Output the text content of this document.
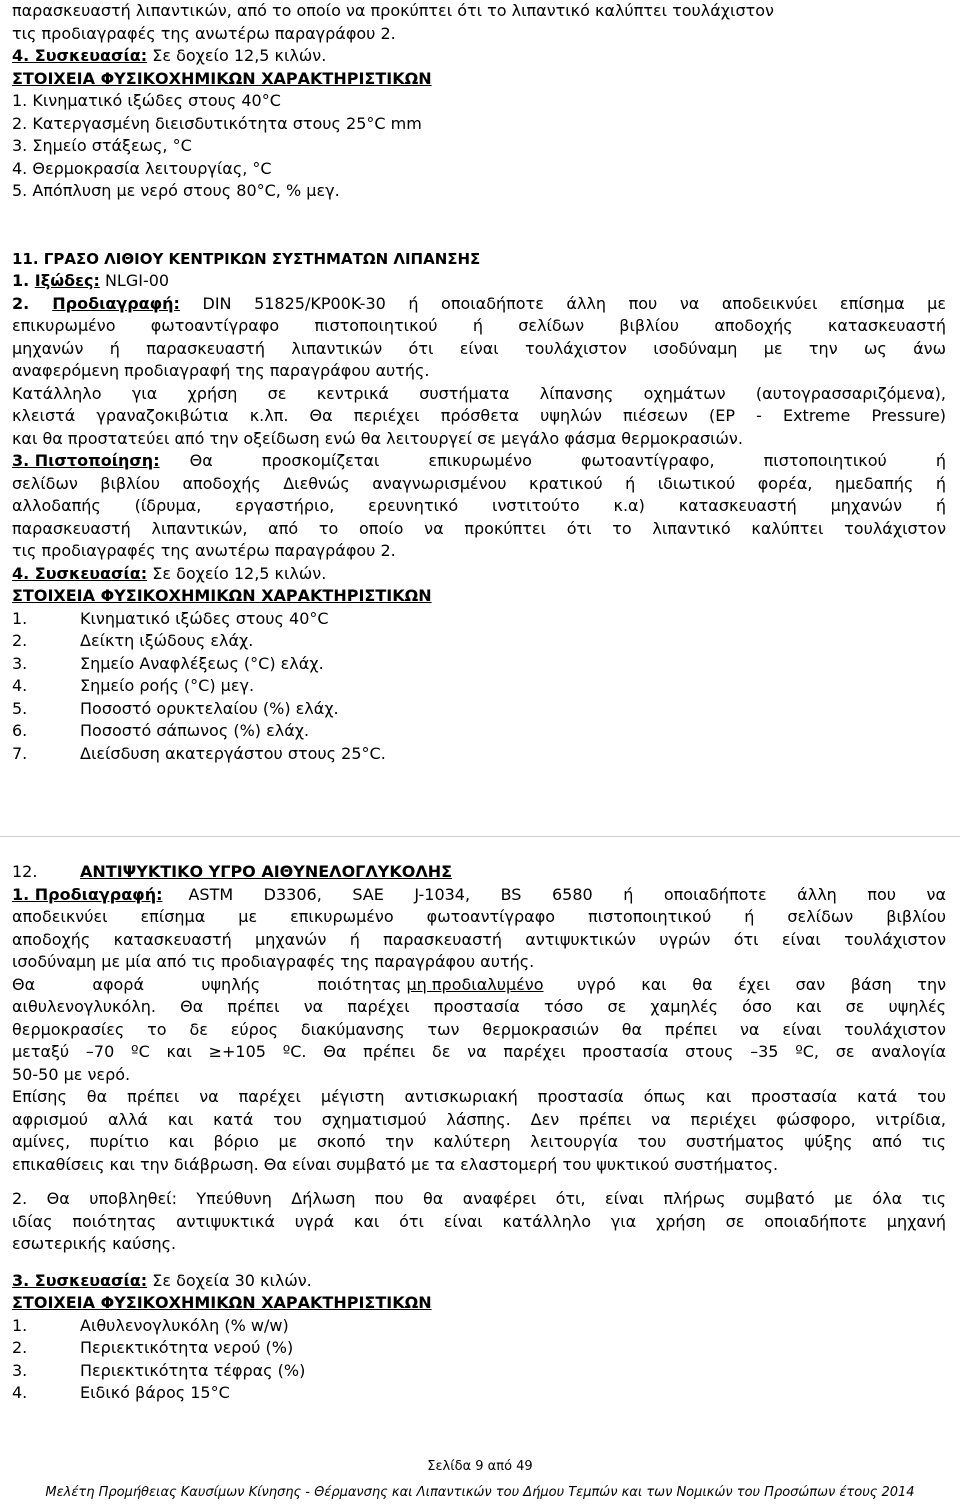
παρασκευαστή λιπαντικών, από το οποίο να προκύπτει ότι το λιπαντικό καλύπτει τουλάχιστον
τις προδιαγραφές της ανωτέρω παραγράφου 2.
4. Συσκευασία: Σε δοχείο 12,5 κιλών.
ΣΤΟΙΧΕΙΑ ΦΥΣΙΚΟΧΗΜΙΚΩΝ ΧΑΡΑΚΤΗΡΙΣΤΙΚΩΝ
1. Κινηματικό ιξώδες στους 40°C
2. Κατεργασμένη διεισδυτικότητα στους 25°C mm
3. Σημείο στάξεως, °C
4. Θερμοκρασία λειτουργίας, °C
5. Απόπλυση με νερό στους 80°C, % μεγ.
11. ΓΡΑΣΟ ΛΙΘΙΟΥ ΚΕΝΤΡΙΚΩΝ ΣΥΣΤΗΜΑΤΩΝ ΛΙΠΑΝΣΗΣ
1. Ιξώδες: NLGI-00
2. Προδιαγραφή: DIN 51825/KP00K-30 ή οποιαδήποτε άλλη που να αποδεικνύει επίσημα με
επικυρωμένο φωτοαντίγραφο πιστοποιητικού ή σελίδων βιβλίου αποδοχής κατασκευαστή
μηχανών ή παρασκευαστή λιπαντικών ότι είναι τουλάχιστον ισοδύναμη με την ως άνω
αναφερόμενη προδιαγραφή της παραγράφου αυτής.
Κατάλληλο για χρήση σε κεντρικά συστήματα λίπανσης οχημάτων (αυτογρασσαριζόμενα),
κλειστά γραναζοκιβώτια κ.λπ. Θα περιέχει πρόσθετα υψηλών πιέσεων (EP - Extreme Pressure)
και θα προστατεύει από την οξείδωση ενώ θα λειτουργεί σε μεγάλο φάσμα θερμοκρασιών.
3. Πιστοποίηση:	Θα προσκομίζεται επικυρωμένο φωτοαντίγραφο, πιστοποιητικού ή
σελίδων βιβλίου αποδοχής Διεθνώς αναγνωρισμένου κρατικού ή ιδιωτικού φορέα, ημεδαπής ή
αλλοδαπής (ίδρυμα, εργαστήριο, ερευνητικό ινστιτούτο κ.α) κατασκευαστή μηχανών ή
παρασκευαστή λιπαντικών, από το οποίο να προκύπτει ότι το λιπαντικό καλύπτει τουλάχιστον
τις προδιαγραφές της ανωτέρω παραγράφου 2.
4. Συσκευασία: Σε δοχείο 12,5 κιλών.
ΣΤΟΙΧΕΙΑ ΦΥΣΙΚΟΧΗΜΙΚΩΝ ΧΑΡΑΚΤΗΡΙΣΤΙΚΩΝ
1.	Κινηματικό ιξώδες στους 40°C
2.	Δείκτη ιξώδους ελάχ.
3.	Σημείο Αναφλέξεως (°C) ελάχ.
4.	Σημείο ροής (°C) μεγ.
5.	Ποσοστό ορυκτελαίου (%) ελάχ.
6.	Ποσοστό σάπωνος (%) ελάχ.
7.	Διείσδυση ακατεργάστου στους 25°C.
12.	ΑΝΤΙΨΥΚΤΙΚΟ ΥΓΡΟ ΑΙΘΥΝΕΛΟΓΛΥΚΟΛΗΣ
1. Προδιαγραφή:	ASTM D3306, SAE J-1034, BS 6580 ή οποιαδήποτε άλλη που να
αποδεικνύει επίσημα με επικυρωμένο φωτοαντίγραφο πιστοποιητικού ή σελίδων βιβλίου
αποδοχής κατασκευαστή μηχανών ή παρασκευαστή αντιψυκτικών υγρών ότι είναι τουλάχιστον
ισοδύναμη με μία από τις προδιαγραφές της παραγράφου αυτής.
Θα αφορά υψηλής ποιότητας μη προδιαλυμένο υγρό και θα έχει σαν βάση την
αιθυλενογλυκόλη. Θα πρέπει να παρέχει προστασία τόσο σε χαμηλές όσο και σε υψηλές
θερμοκρασίες το δε εύρος διακύμανσης των θερμοκρασιών θα πρέπει να είναι τουλάχιστον
μεταξύ –70 ºC και ≥+105 ºC. Θα πρέπει δε να παρέχει προστασία στους –35 ºC, σε αναλογία
50-50 με νερό.
Επίσης θα πρέπει να παρέχει μέγιστη αντισκωριακή προστασία όπως και προστασία κατά του
αφρισμού αλλά και κατά του σχηματισμού λάσπης. Δεν πρέπει να περιέχει φώσφορο, νιτρίδια,
αμίνες, πυρίτιο και βόριο με σκοπό την καλύτερη λειτουργία του συστήματος ψύξης από τις
επικαθίσεις και την διάβρωση. Θα είναι συμβατό με τα ελαστομερή του ψυκτικού συστήματος.
2. Θα υποβληθεί: Υπεύθυνη Δήλωση που θα αναφέρει ότι, είναι πλήρως συμβατό με όλα τις
ιδίας ποιότητας αντιψυκτικά υγρά και ότι είναι κατάλληλο για χρήση σε οποιαδήποτε μηχανή
εσωτερικής καύσης.
3. Συσκευασία: Σε δοχεία 30 κιλών.
ΣΤΟΙΧΕΙΑ ΦΥΣΙΚΟΧΗΜΙΚΩΝ ΧΑΡΑΚΤΗΡΙΣΤΙΚΩΝ
1.	Αιθυλενογλυκόλη (% w/w)
2.	Περιεκτικότητα νερού (%)
3.	Περιεκτικότητα τέφρας (%)
4.	Ειδικό βάρος 15°C
Σελίδα 9 από 49
Μελέτη Προμήθειας Καυσίμων Κίνησης - Θέρμανσης και Λιπαντικών του Δήμου Τεμπών και των Νομικών του Προσώπων έτους 2014
